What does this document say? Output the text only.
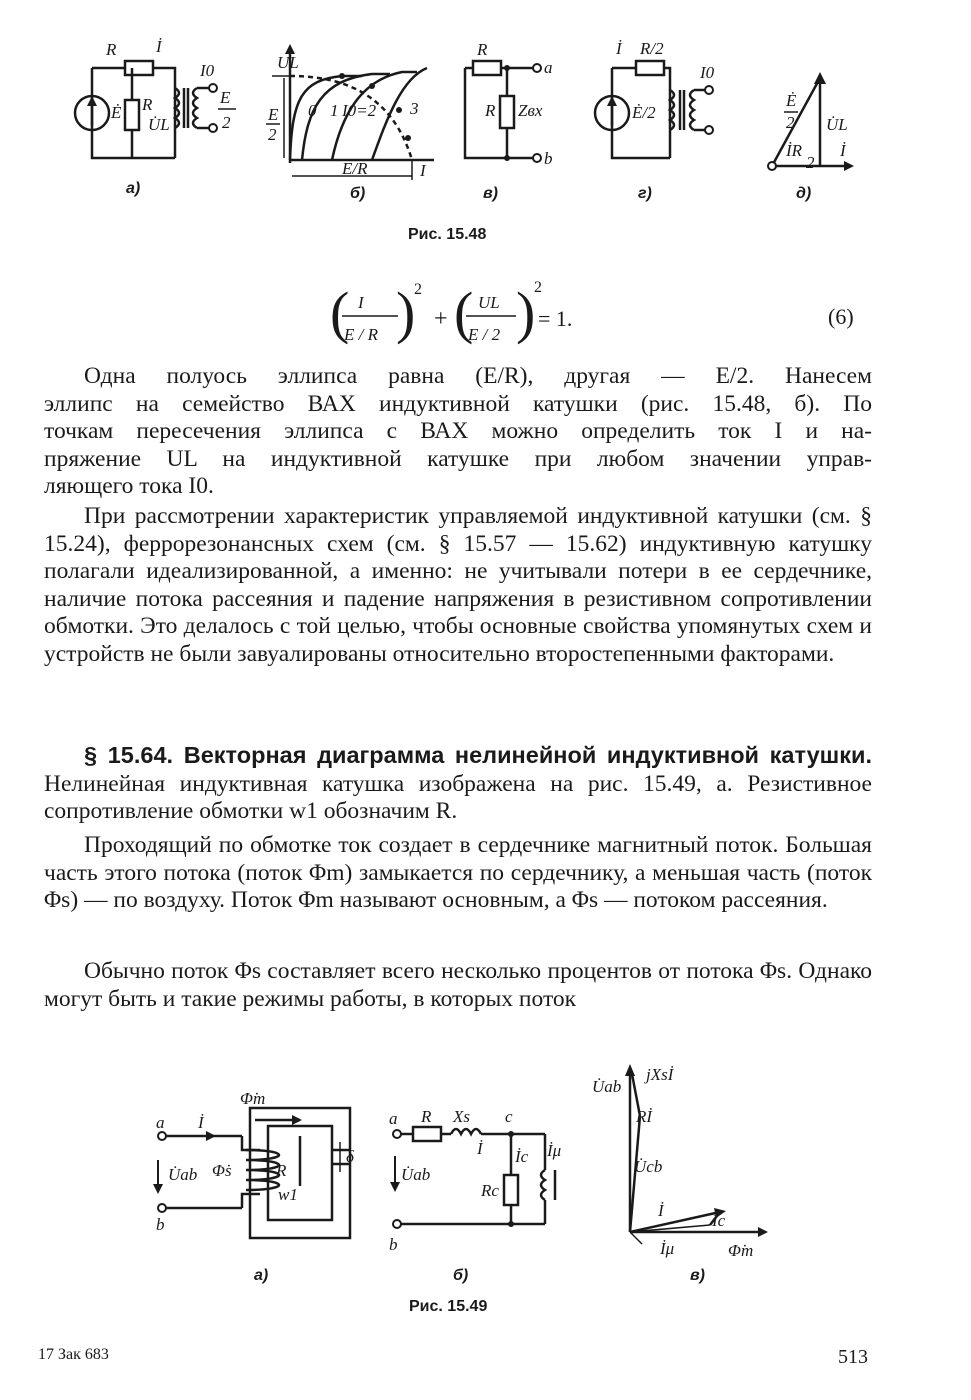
R İ
Ė R
U̇L
I0
E
2
а)
UL
E
2
0 1 I0=2 3
E/R	I
б)
R
R Zвх
a
b
в)
İ R/2
Ė/2
I0
г)
Ė
2 U̇L
İR
2
İ
д)
Рис. 15.48
( I
E / R )
2
+ ( UL
E / 2 )
2
= 1.	(6)

Одна полуось эллипса равна (E/R), другая — E/2. Нанесем

эллипс на семейство ВАХ индуктивной катушки (рис. 15.48, б). По

точкам пересечения эллипса с ВАХ можно определить ток I и на-

пряжение UL на индуктивной катушке при любом значении управ-

ляющего тока I0.

При рассмотрении характеристик управляемой индуктивной катушки (см. § 15.24), феррорезонансных схем (см. § 15.57 — 15.62) индуктивную катушку полагали идеализированной, а именно: не учитывали потери в ее сердечнике, наличие потока рассеяния и падение напряжения в резистивном сопротивлении обмотки. Это делалось с той целью, чтобы основные свойства упомянутых схем и устройств не были завуалированы относительно второстепенными факторами.

§ 15.64. Векторная диаграмма нелинейной индуктивной катушки. Нелинейная индуктивная катушка изображена на рис. 15.49, а. Резистивное сопротивление обмотки w1 обозначим R.

Проходящий по обмотке ток создает в сердечнике магнитный поток. Большая часть этого потока (поток Φm) замыкается по сердечнику, а меньшая часть (поток Φs) — по воздуху. Поток Φm называют основным, а Φs — потоком рассеяния.

Обычно поток Φs составляет всего несколько процентов от потока Φs. Однако могут быть и такие режимы работы, в которых поток

a
b
İ
U̇ab
Φ̇m
Φ̇s	R
w1
δ
а)
a
b
R Xs c
İ İc İμ
Rc
U̇ab
б)
jXsİ
U̇ab
Rİ
U̇cb
İ
İc
İμ	Φ̇m
в)
Рис. 15.49
17 Зак 683	513
